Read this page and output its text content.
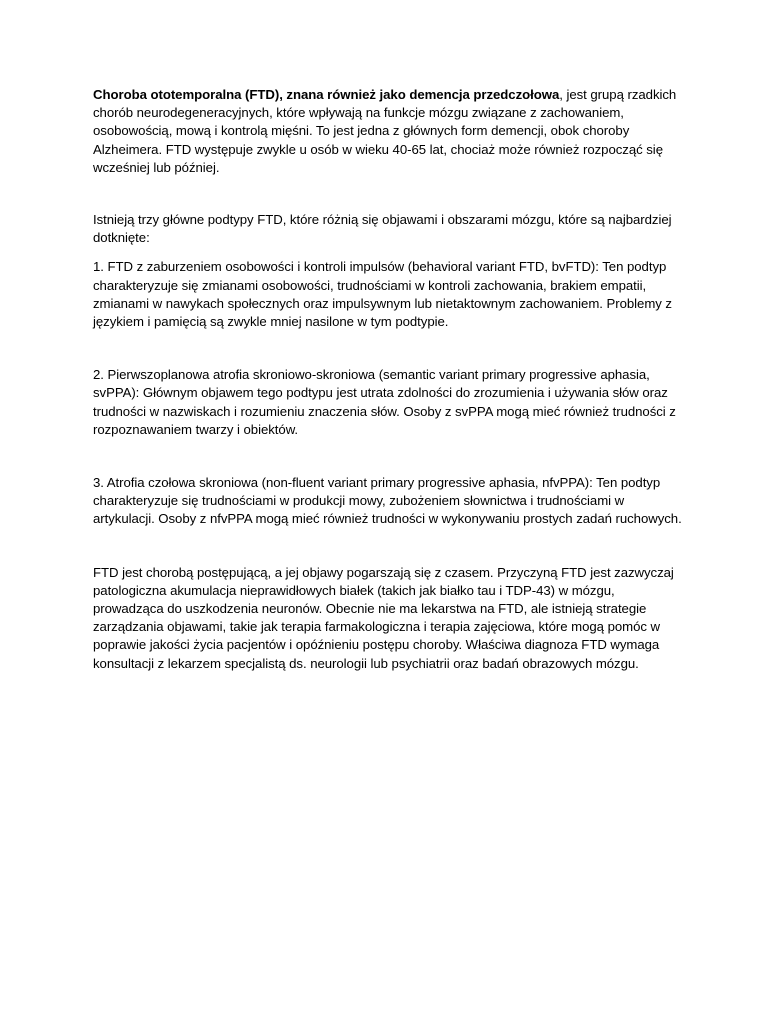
Choroba ototemporalna (FTD), znana również jako demencja przedczołowa, jest grupą rzadkich chorób neurodegeneracyjnych, które wpływają na funkcje mózgu związane z zachowaniem, osobowością, mową i kontrolą mięśni. To jest jedna z głównych form demencji, obok choroby Alzheimera. FTD występuje zwykle u osób w wieku 40-65 lat, chociaż może również rozpocząć się wcześniej lub później.

Istnieją trzy główne podtypy FTD, które różnią się objawami i obszarami mózgu, które są najbardziej dotknięte:

1. FTD z zaburzeniem osobowości i kontroli impulsów (behavioral variant FTD, bvFTD): Ten podtyp charakteryzuje się zmianami osobowości, trudnościami w kontroli zachowania, brakiem empatii, zmianami w nawykach społecznych oraz impulsywnym lub nietaktownym zachowaniem. Problemy z językiem i pamięcią są zwykle mniej nasilone w tym podtypie.

2. Pierwszoplanowa atrofia skroniowo-skroniowa (semantic variant primary progressive aphasia, svPPA): Głównym objawem tego podtypu jest utrata zdolności do zrozumienia i używania słów oraz trudności w nazwiskach i rozumieniu znaczenia słów. Osoby z svPPA mogą mieć również trudności z rozpoznawaniem twarzy i obiektów.

3. Atrofia czołowa skroniowa (non-fluent variant primary progressive aphasia, nfvPPA): Ten podtyp charakteryzuje się trudnościami w produkcji mowy, zubożeniem słownictwa i trudnościami w artykulacji. Osoby z nfvPPA mogą mieć również trudności w wykonywaniu prostych zadań ruchowych.

FTD jest chorobą postępującą, a jej objawy pogarszają się z czasem. Przyczyną FTD jest zazwyczaj patologiczna akumulacja nieprawidłowych białek (takich jak białko tau i TDP-43) w mózgu, prowadząca do uszkodzenia neuronów. Obecnie nie ma lekarstwa na FTD, ale istnieją strategie zarządzania objawami, takie jak terapia farmakologiczna i terapia zajęciowa, które mogą pomóc w poprawie jakości życia pacjentów i opóźnieniu postępu choroby. Właściwa diagnoza FTD wymaga konsultacji z lekarzem specjalistą ds. neurologii lub psychiatrii oraz badań obrazowych mózgu.
